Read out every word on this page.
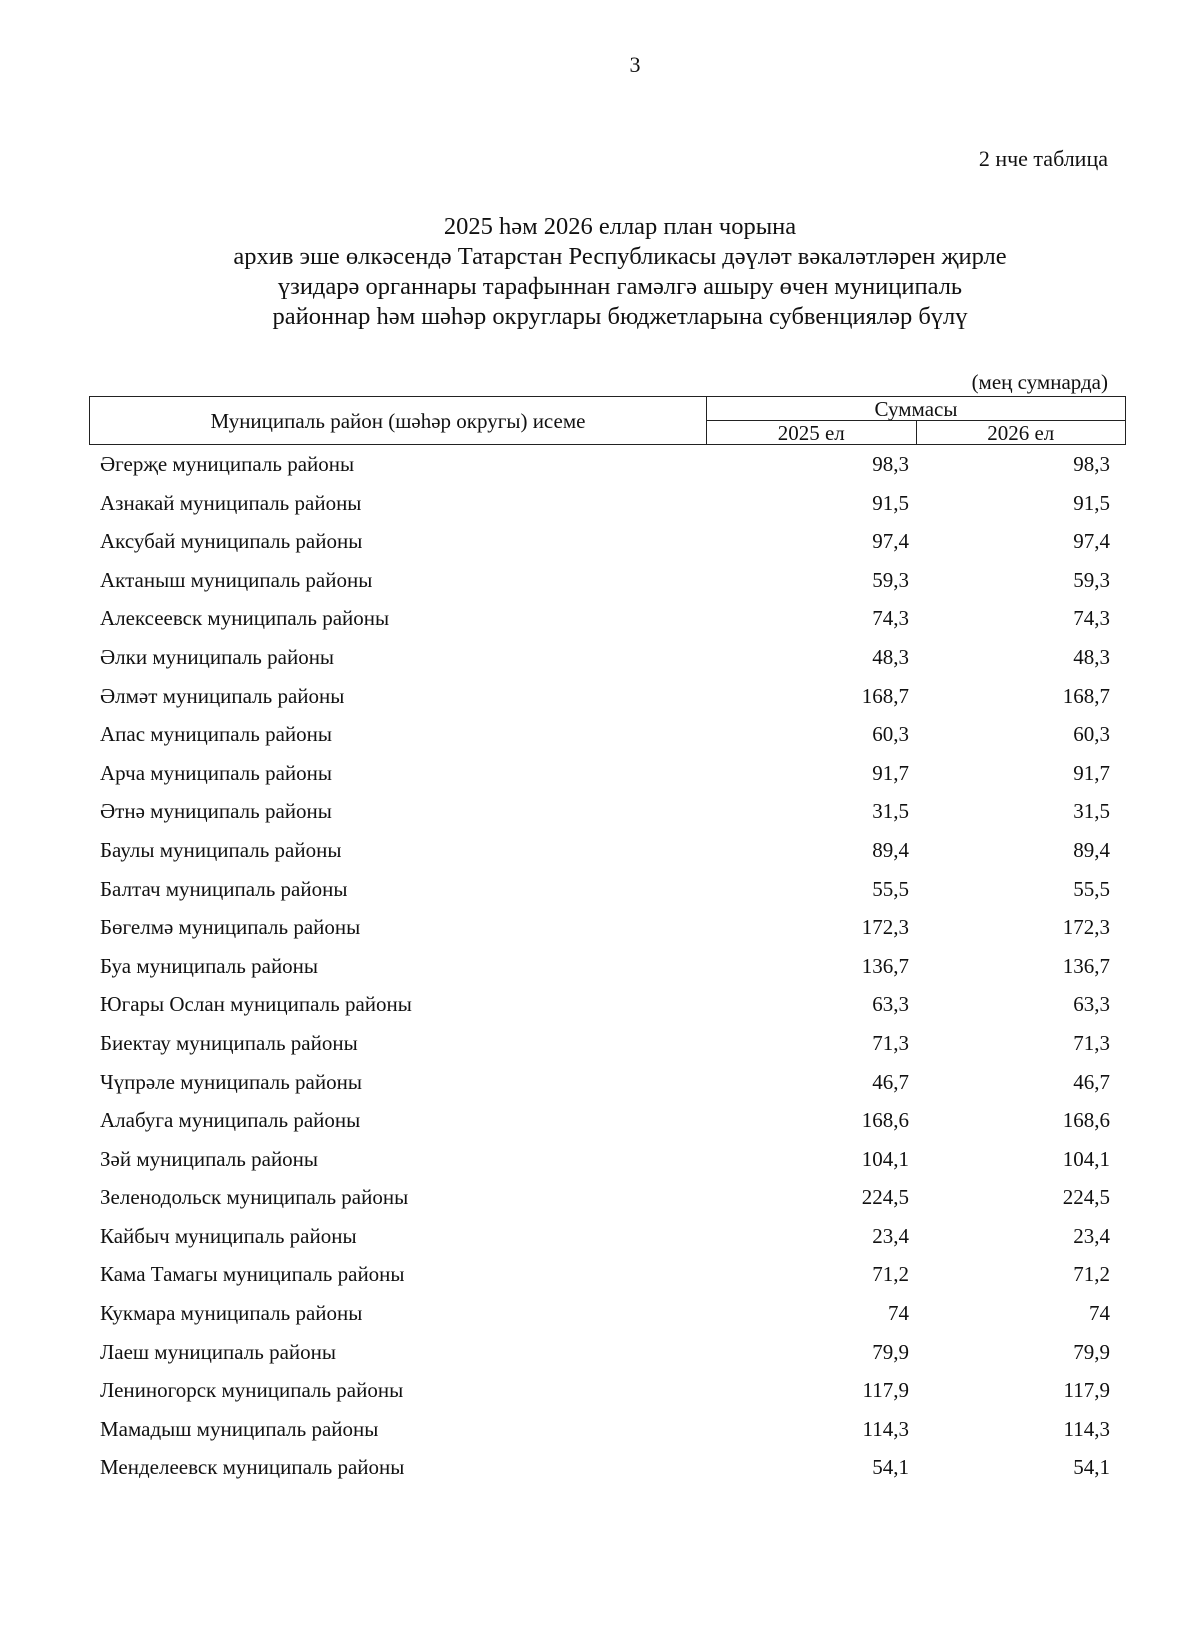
3
2 нче таблица
2025 һәм 2026 еллар план чорына
архив эше өлкәсендә Татарстан Республикасы дәүләт вәкаләтләрен җирле
үзидарә органнары тарафыннан гамәлгә ашыру өчен муниципаль
районнар һәм шәһәр округлары бюджетларына субвенцияләр бүлү
(мең сумнарда)
Муниципаль район (шәһәр округы) исеме	Суммасы	
	2025 ел	2026 ел
Әгерҗе муниципаль районы	98,3	98,3
Азнакай муниципаль районы	91,5	91,5
Аксубай муниципаль районы	97,4	97,4
Актаныш муниципаль районы	59,3	59,3
Алексеевск муниципаль районы	74,3	74,3
Әлки муниципаль районы	48,3	48,3
Әлмәт муниципаль районы	168,7	168,7
Апас муниципаль районы	60,3	60,3
Арча муниципаль районы	91,7	91,7
Әтнә муниципаль районы	31,5	31,5
Баулы муниципаль районы	89,4	89,4
Балтач муниципаль районы	55,5	55,5
Бөгелмә муниципаль районы	172,3	172,3
Буа муниципаль районы	136,7	136,7
Югары Ослан муниципаль районы	63,3	63,3
Биектау муниципаль районы	71,3	71,3
Чүпрәле муниципаль районы	46,7	46,7
Алабуга муниципаль районы	168,6	168,6
Зәй муниципаль районы	104,1	104,1
Зеленодольск муниципаль районы	224,5	224,5
Кайбыч муниципаль районы	23,4	23,4
Кама Тамагы муниципаль районы	71,2	71,2
Кукмара муниципаль районы	74	74
Лаеш муниципаль районы	79,9	79,9
Лениногорск муниципаль районы	117,9	117,9
Мамадыш муниципаль районы	114,3	114,3
Менделеевск муниципаль районы	54,1	54,1
